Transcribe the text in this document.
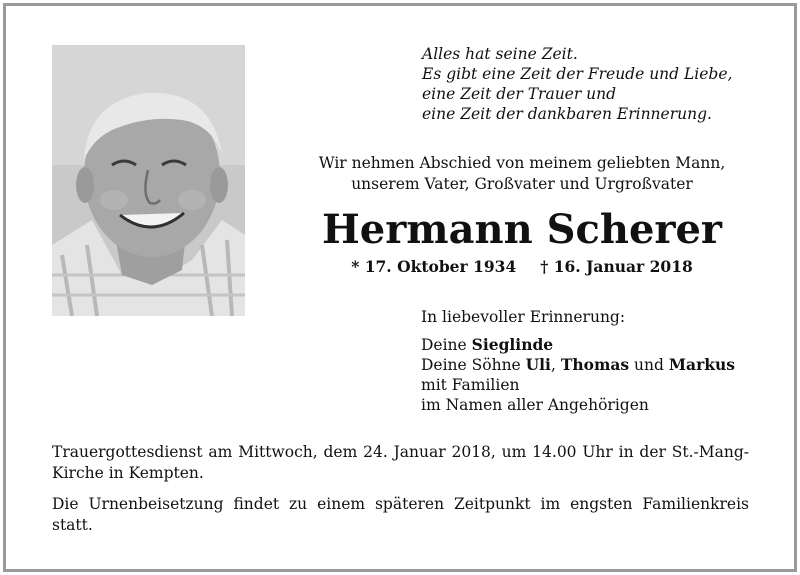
Alles hat seine Zeit.
Es gibt eine Zeit der Freude und Liebe,
eine Zeit der Trauer und
eine Zeit der dankbaren Erinnerung.
Wir nehmen Abschied von meinem geliebten Mann,
unserem Vater, Großvater und Urgroßvater
Hermann Scherer
* 17. Oktober 1934 † 16. Januar 2018
In liebevoller Erinnerung:
Deine Sieglinde
Deine Söhne Uli, Thomas und Markus
mit Familien
im Namen aller Angehörigen

Trauergottesdienst am Mittwoch, dem 24. Januar 2018, um 14.00 Uhr in der St.-Mang-Kirche in Kempten.

Die Urnenbeisetzung findet zu einem späteren Zeitpunkt im engsten Familienkreis statt.
